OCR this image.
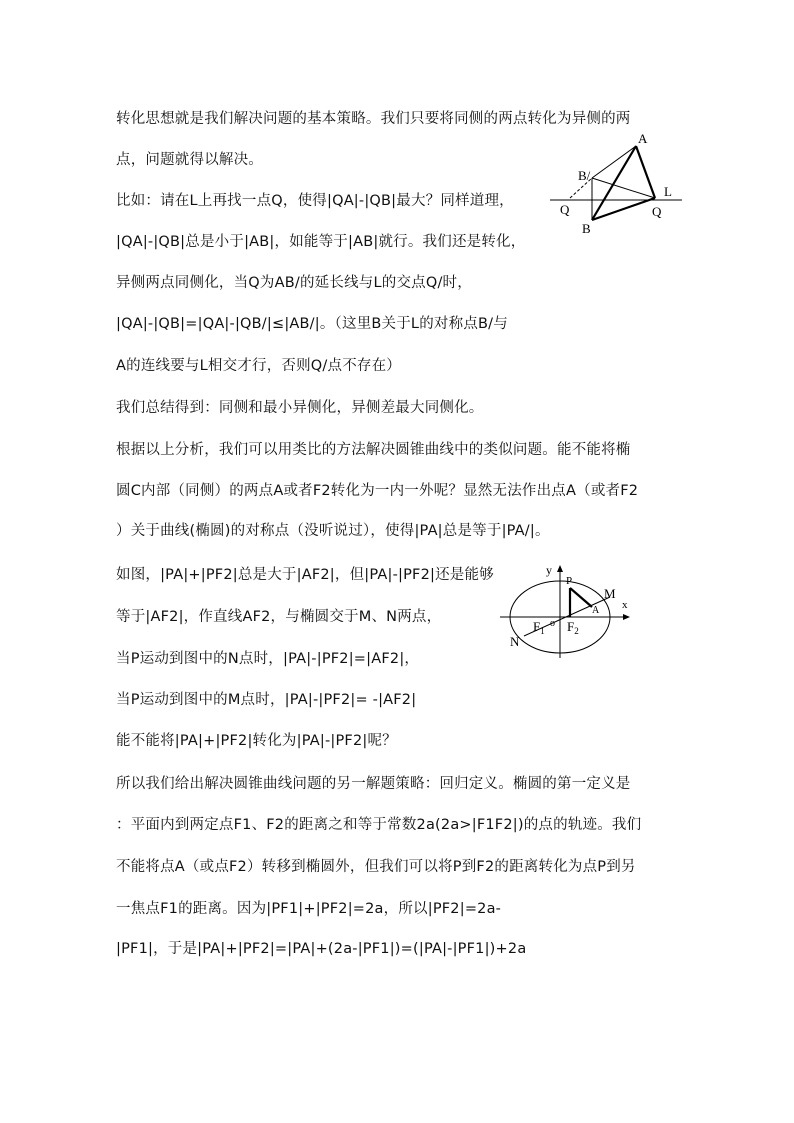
转化思想就是我们解决问题的基本策略。我们只要将同侧的两点转化为异侧的两
点，问题就得以解决。
比如：请在L上再找一点Q，使得|QA|-|QB|最大？同样道理，
|QA|-|QB|总是小于|AB|，如能等于|AB|就行。我们还是转化，
异侧两点同侧化，当Q为AB/的延长线与L的交点Q/时，
|QA|-|QB|=|QA|-|QB/|≤|AB/|。（这里B关于L的对称点B/与
A的连线要与L相交才行，否则Q/点不存在）
我们总结得到：同侧和最小异侧化，异侧差最大同侧化。
根据以上分析，我们可以用类比的方法解决圆锥曲线中的类似问题。能不能将椭
圆C内部（同侧）的两点A或者F2转化为一内一外呢？显然无法作出点A（或者F2
）关于曲线(椭圆)的对称点（没听说过），使得|PA|总是等于|PA/|。
如图，|PA|+|PF2|总是大于|AF2|，但|PA|-|PF2|还是能够
等于|AF2|，作直线AF2，与椭圆交于M、N两点，
当P运动到图中的N点时，|PA|-|PF2|=|AF2|，
当P运动到图中的M点时，|PA|-|PF2|= -|AF2|
能不能将|PA|+|PF2|转化为|PA|-|PF2|呢？
所以我们给出解决圆锥曲线问题的另一解题策略：回归定义。椭圆的第一定义是
：平面内到两定点F1、F2的距离之和等于常数2a(2a>|F1F2|)的点的轨迹。我们
不能将点A（或点F2）转移到椭圆外，但我们可以将P到F2的距离转化为点P到另
一焦点F1的距离。因为|PF1|+|PF2|=2a，所以|PF2|=2a-
|PF1|，于是|PA|+|PF2|=|PA|+(2a-|PF1|)=(|PA|-|PF1|)+2a
A
B/
L
Q	Q
B
y
x
P
M
A
$F_1$
o $F_2$
N
